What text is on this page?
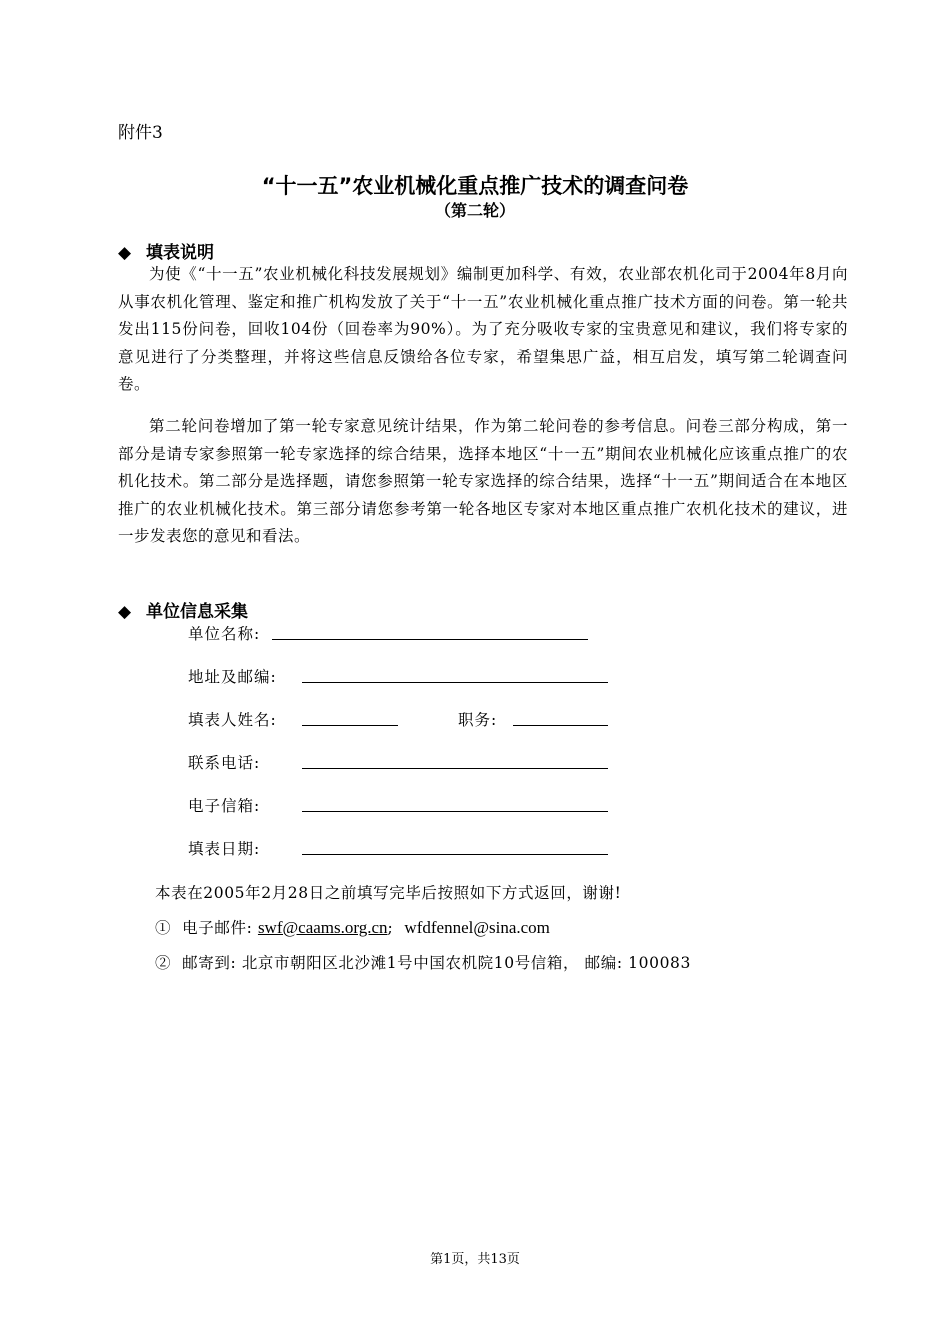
附件3
“十一五”农业机械化重点推广技术的调查问卷
（第二轮）
◆ 填表说明

为使《“十一五”农业机械化科技发展规划》编制更加科学、有效，农业部农机化司于2004年8月向从事农机化管理、鉴定和推广机构发放了关于“十一五”农业机械化重点推广技术方面的问卷。第一轮共发出115份问卷，回收104份（回卷率为90%）。为了充分吸收专家的宝贵意见和建议，我们将专家的意见进行了分类整理，并将这些信息反馈给各位专家，希望集思广益，相互启发，填写第二轮调查问卷。

第二轮问卷增加了第一轮专家意见统计结果，作为第二轮问卷的参考信息。问卷三部分构成，第一部分是请专家参照第一轮专家选择的综合结果，选择本地区“十一五”期间农业机械化应该重点推广的农机化技术。第二部分是选择题，请您参照第一轮专家选择的综合结果，选择“十一五”期间适合在本地区推广的农业机械化技术。第三部分请您参考第一轮各地区专家对本地区重点推广农机化技术的建议，进一步发表您的意见和看法。

◆ 单位信息采集
单位名称:
地址及邮编:
填表人姓名:	职务:
联系电话:
电子信箱:
填表日期:
本表在2005年2月28日之前填写完毕后按照如下方式返回，谢谢!
① 电子邮件: swf@caams.org.cn; wfdfennel@sina.com
② 邮寄到: 北京市朝阳区北沙滩1号中国农机院10号信箱， 邮编: 100083
第1页，共13页
